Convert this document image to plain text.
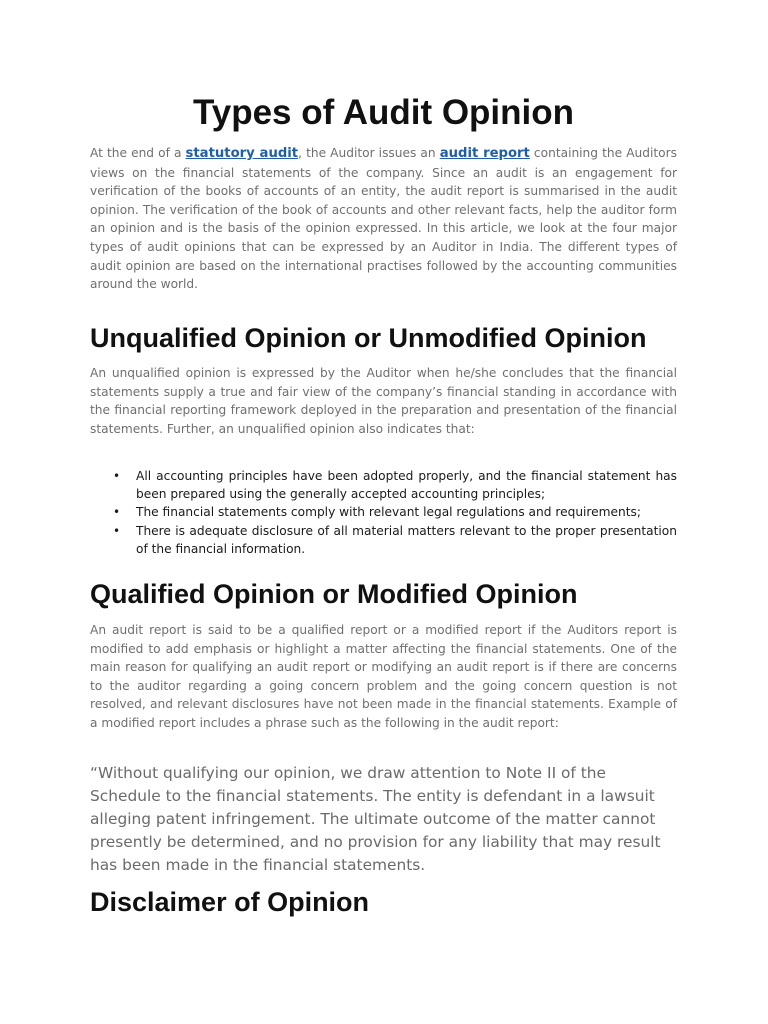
Types of Audit Opinion

At the end of a statutory audit, the Auditor issues an audit report containing the Auditors views on the financial statements of the company. Since an audit is an engagement for verification of the books of accounts of an entity, the audit report is summarised in the audit opinion. The verification of the book of accounts and other relevant facts, help the auditor form an opinion and is the basis of the opinion expressed. In this article, we look at the four major types of audit opinions that can be expressed by an Auditor in India. The different types of audit opinion are based on the international practises followed by the accounting communities around the world.

Unqualified Opinion or Unmodified Opinion

An unqualified opinion is expressed by the Auditor when he/she concludes that the financial statements supply a true and fair view of the company’s financial standing in accordance with the financial reporting framework deployed in the preparation and presentation of the financial statements. Further, an unqualified opinion also indicates that:

• All accounting principles have been adopted properly, and the financial statement has been prepared using the generally accepted accounting principles;
• The financial statements comply with relevant legal regulations and requirements;
• There is adequate disclosure of all material matters relevant to the proper presentation of the financial information.
Qualified Opinion or Modified Opinion

An audit report is said to be a qualified report or a modified report if the Auditors report is modified to add emphasis or highlight a matter affecting the financial statements. One of the main reason for qualifying an audit report or modifying an audit report is if there are concerns to the auditor regarding a going concern problem and the going concern question is not resolved, and relevant disclosures have not been made in the financial statements. Example of a modified report includes a phrase such as the following in the audit report:

“Without qualifying our opinion, we draw attention to Note II of the Schedule to the financial statements. The entity is defendant in a lawsuit alleging patent infringement. The ultimate outcome of the matter cannot presently be determined, and no provision for any liability that may result has been made in the financial statements.

Disclaimer of Opinion
